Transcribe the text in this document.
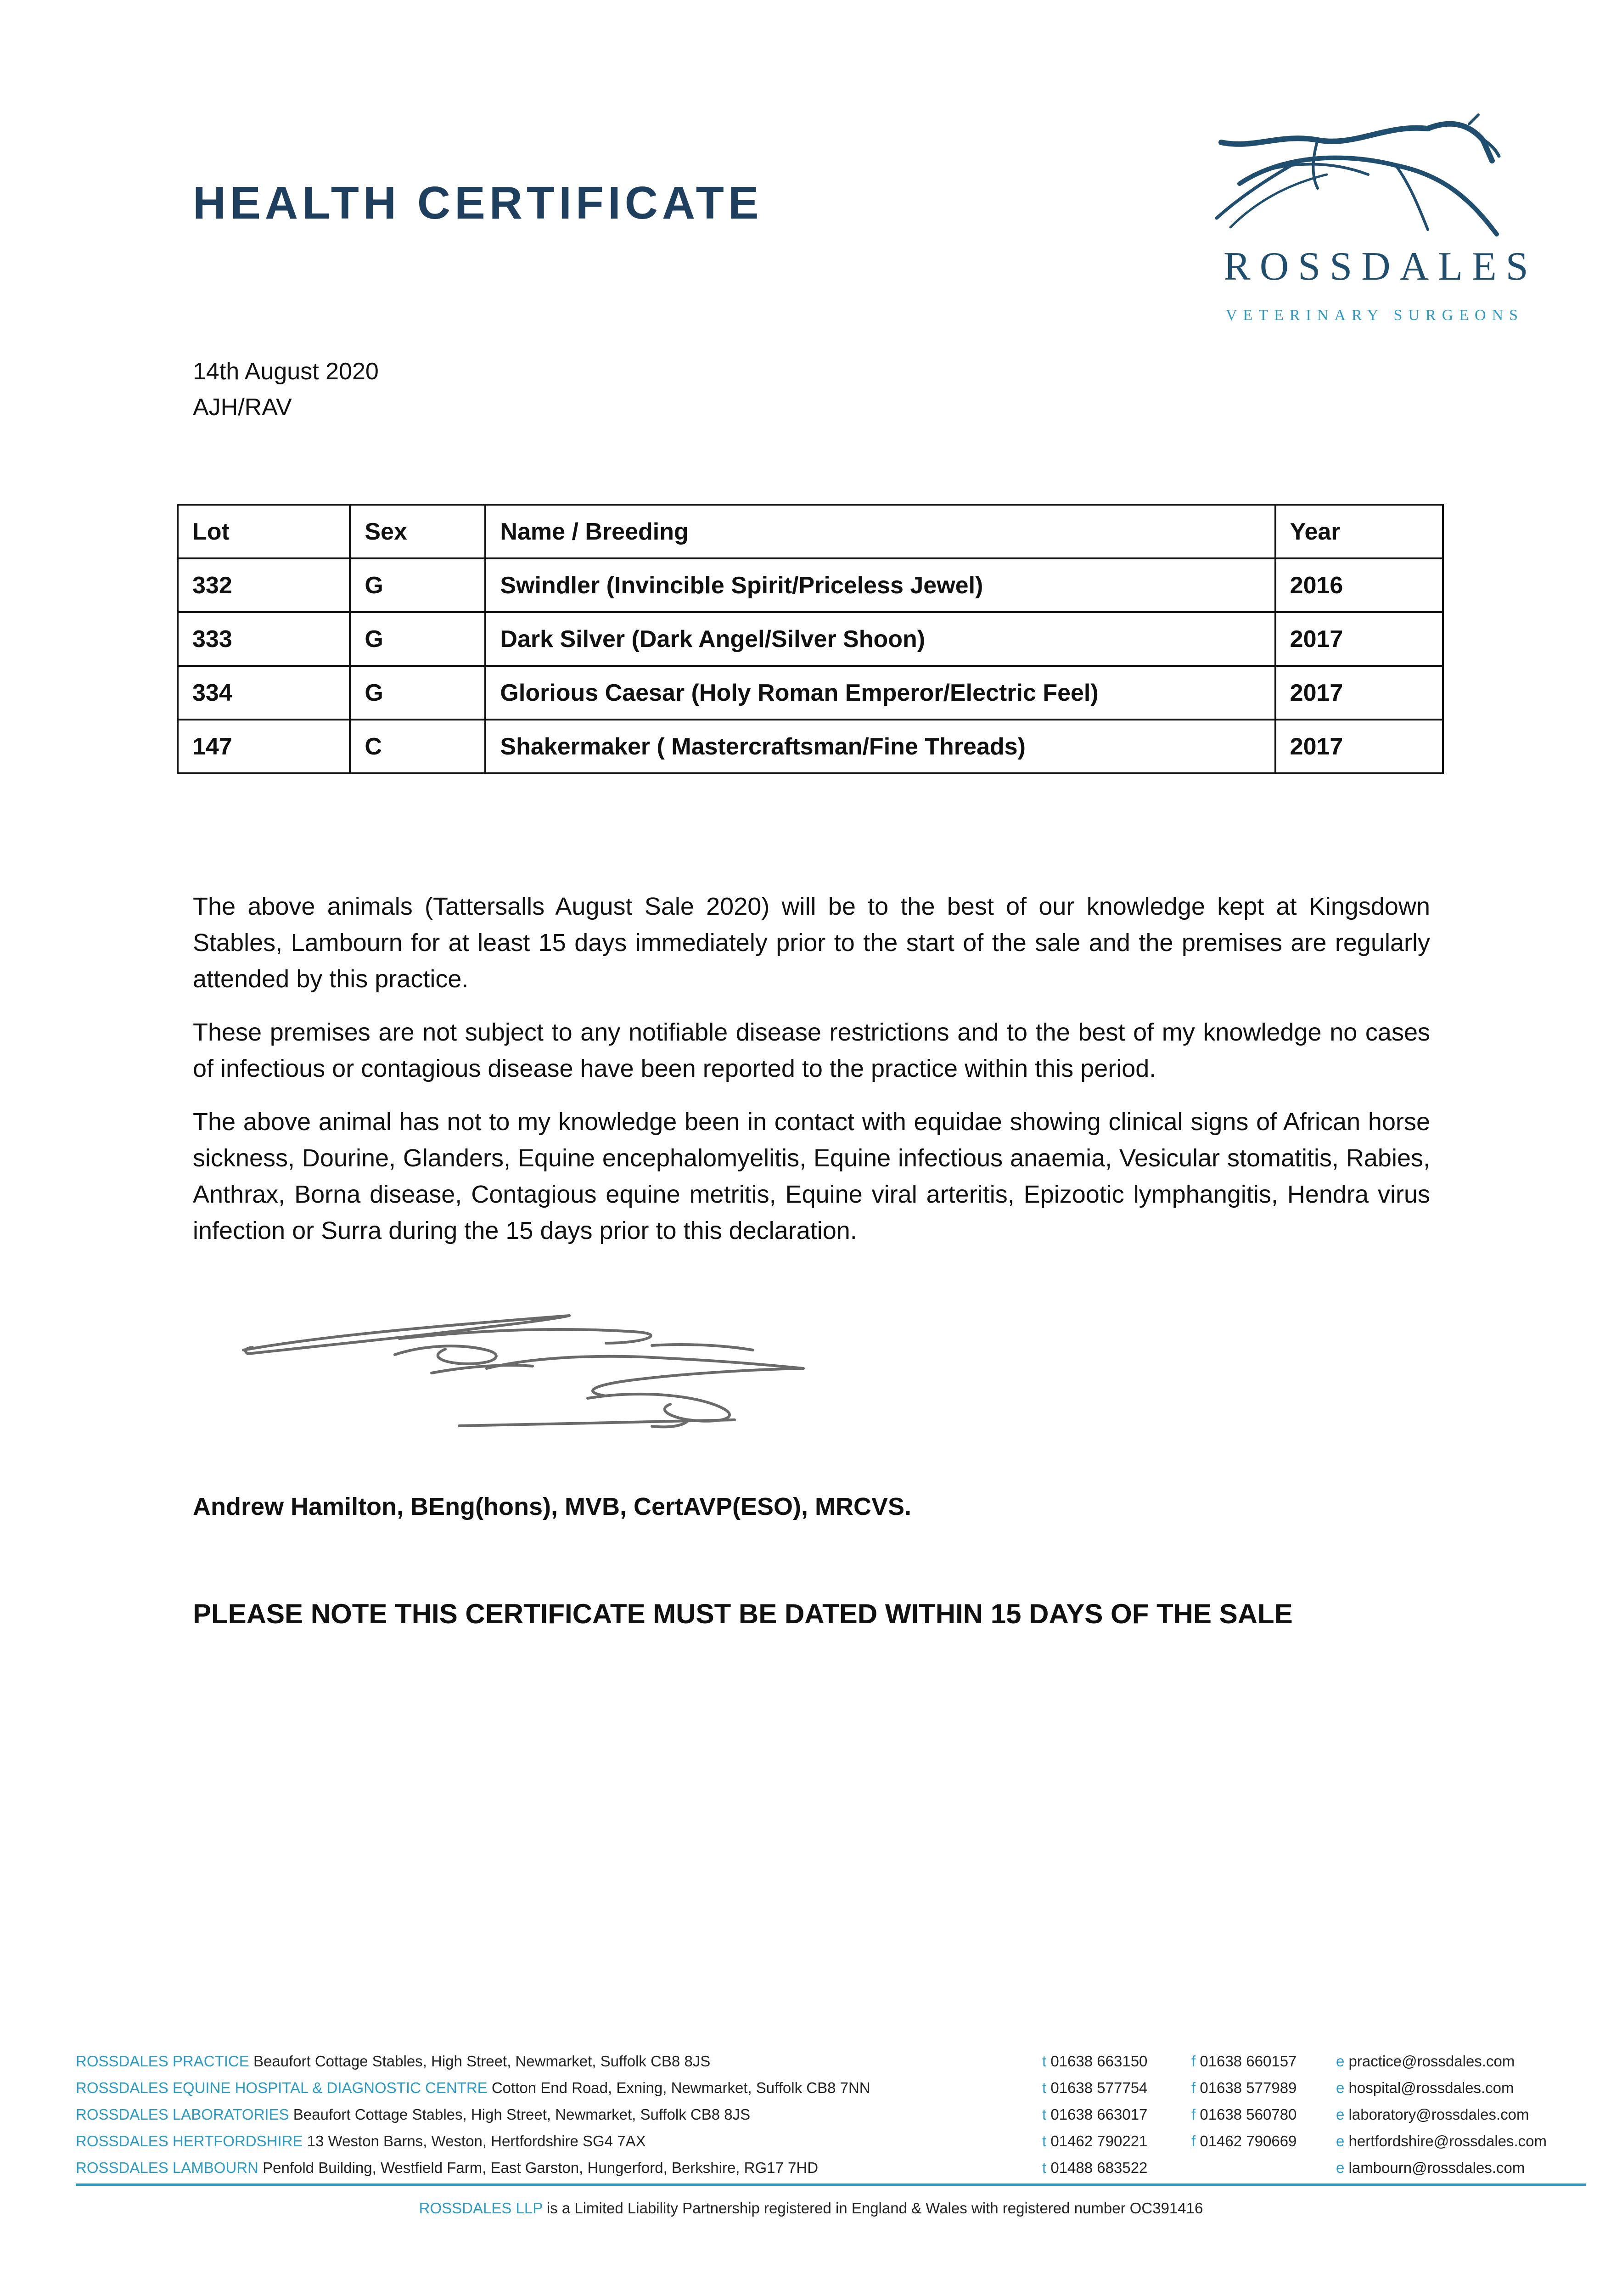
HEALTH CERTIFICATE
ROSSDALES
VETERINARY SURGEONS
14th August 2020
AJH/RAV
Lot	Sex	Name / Breeding	Year
332	G	Swindler (Invincible Spirit/Priceless Jewel)	2016
333	G	Dark Silver (Dark Angel/Silver Shoon)	2017
334	G	Glorious Caesar (Holy Roman Emperor/Electric Feel)	2017
147	C	Shakermaker ( Mastercraftsman/Fine Threads)	2017

The above animals (Tattersalls August Sale 2020) will be to the best of our knowledge kept at Kingsdown Stables, Lambourn for at least 15 days immediately prior to the start of the sale and the premises are regularly attended by this practice.

These premises are not subject to any notifiable disease restrictions and to the best of my knowledge no cases of infectious or contagious disease have been reported to the practice within this period.

The above animal has not to my knowledge been in contact with equidae showing clinical signs of African horse sickness, Dourine, Glanders, Equine encephalomyelitis, Equine infectious anaemia, Vesicular stomatitis, Rabies, Anthrax, Borna disease, Contagious equine metritis, Equine viral arteritis, Epizootic lymphangitis, Hendra virus infection or Surra during the 15 days prior to this declaration.

Andrew Hamilton, BEng(hons), MVB, CertAVP(ESO), MRCVS.
PLEASE NOTE THIS CERTIFICATE MUST BE DATED WITHIN 15 DAYS OF THE SALE
ROSSDALES PRACTICE Beaufort Cottage Stables, High Street, Newmarket, Suffolk CB8 8JS	t 01638 663150	f 01638 660157	e practice@rossdales.com
ROSSDALES EQUINE HOSPITAL & DIAGNOSTIC CENTRE Cotton End Road, Exning, Newmarket, Suffolk CB8 7NN	t 01638 577754	f 01638 577989	e hospital@rossdales.com
ROSSDALES LABORATORIES Beaufort Cottage Stables, High Street, Newmarket, Suffolk CB8 8JS	t 01638 663017	f 01638 560780	e laboratory@rossdales.com
ROSSDALES HERTFORDSHIRE 13 Weston Barns, Weston, Hertfordshire SG4 7AX	t 01462 790221	f 01462 790669	e hertfordshire@rossdales.com
ROSSDALES LAMBOURN Penfold Building, Westfield Farm, East Garston, Hungerford, Berkshire, RG17 7HD	t 01488 683522	e lambourn@rossdales.com
ROSSDALES LLP is a Limited Liability Partnership registered in England & Wales with registered number OC391416
